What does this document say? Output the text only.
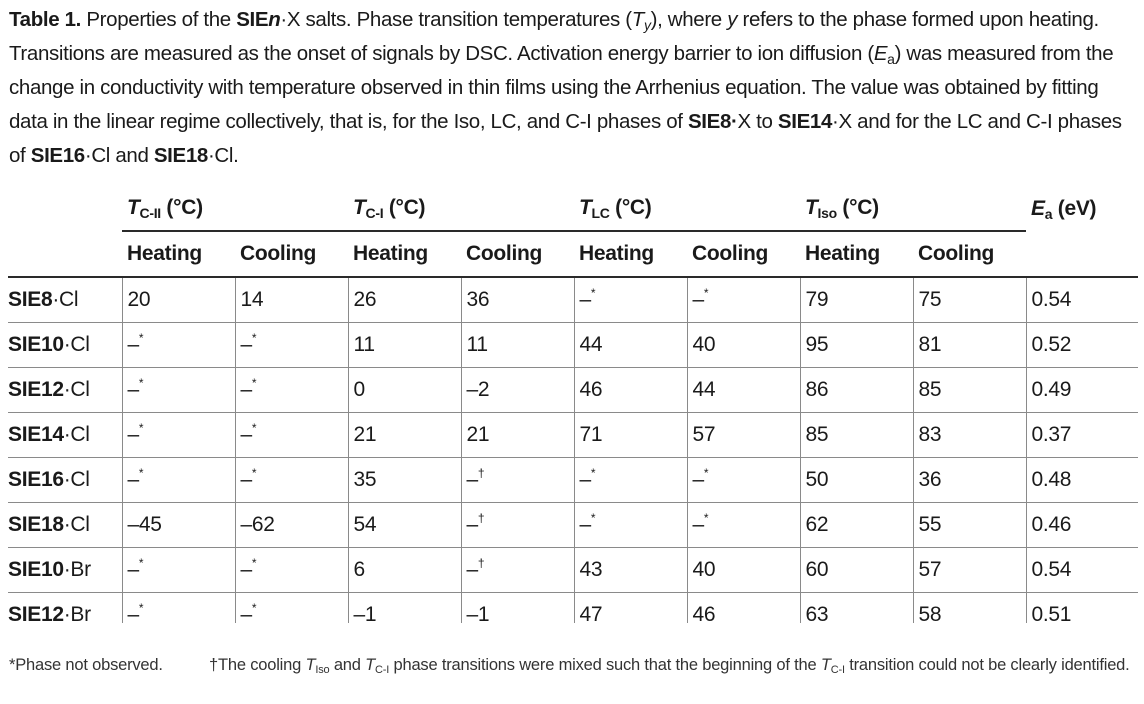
Table 1. Properties of the SIEn·X salts. Phase transition temperatures $(T_y)$, where y refers to the phase formed upon heating. Transitions are measured as the onset of signals by DSC. Activation energy barrier to ion diffusion $(E_a)$ was measured from the change in conductivity with temperature observed in thin films using the Arrhenius equation. The value was obtained by fitting data in the linear regime collectively, that is, for the Iso, LC, and C-I phases of SIE8·X to SIE14·X and for the LC and C-I phases of SIE16·Cl and SIE18·Cl.
	$T_{C-II}$ (°C)		$T_{C-I}$ (°C)		$T_{LC}$ (°C)		$T_{Iso}$ (°C)		$E_a$ (eV)
	Heating	Cooling	Heating	Cooling	Heating	Cooling	Heating	Cooling	
SIE8·Cl	20	14	26	36	–*	–*	79	75	0.54
SIE10·Cl	–*	–*	11	11	44	40	95	81	0.52
SIE12·Cl	–*	–*	0	–2	46	44	86	85	0.49
SIE14·Cl	–*	–*	21	21	71	57	85	83	0.37
SIE16·Cl	–*	–*	35	–†	–*	–*	50	36	0.48
SIE18·Cl	–45	–62	54	–†	–*	–*	62	55	0.46
SIE10·Br	–*	–*	6	–†	43	40	60	57	0.54
SIE12·Br	–*	–*	–1	–1	47	46	63	58	0.51
*Phase not observed.	†The cooling $T_{Iso}$ and $T_{C-I}$ phase transitions were mixed such that the beginning of the $T_{C-I}$ transition could not be clearly identified.
